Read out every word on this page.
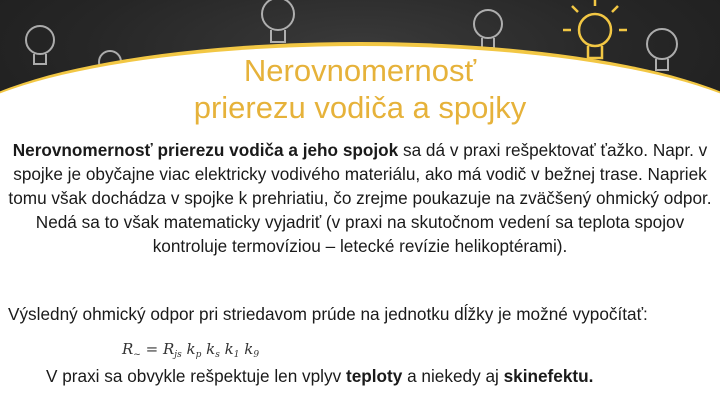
Nerovnomernosť
prierezu vodiča a spojky
Nerovnomernosť prierezu vodiča a jeho spojok sa dá v praxi rešpektovať ťažko. Napr. v spojke je obyčajne viac elektricky vodivého materiálu, ako má vodič v bežnej trase. Napriek tomu však dochádza v spojke k prehriatiu, čo zrejme poukazuje na zväčšený ohmický odpor. Nedá sa to však matematicky vyjadriť (v praxi na skutočnom vedení sa teplota spojov kontroluje termovíziou – letecké revízie helikoptérami).
Výsledný ohmický odpor pri striedavom prúde na jednotku dĺžky je možné vypočítať:
$R_\sim = R_{js}$ $k_p$ $k_s$ $k_1$ $k_9$
V praxi sa obvykle rešpektuje len vplyv teploty a niekedy aj skinefektu.
